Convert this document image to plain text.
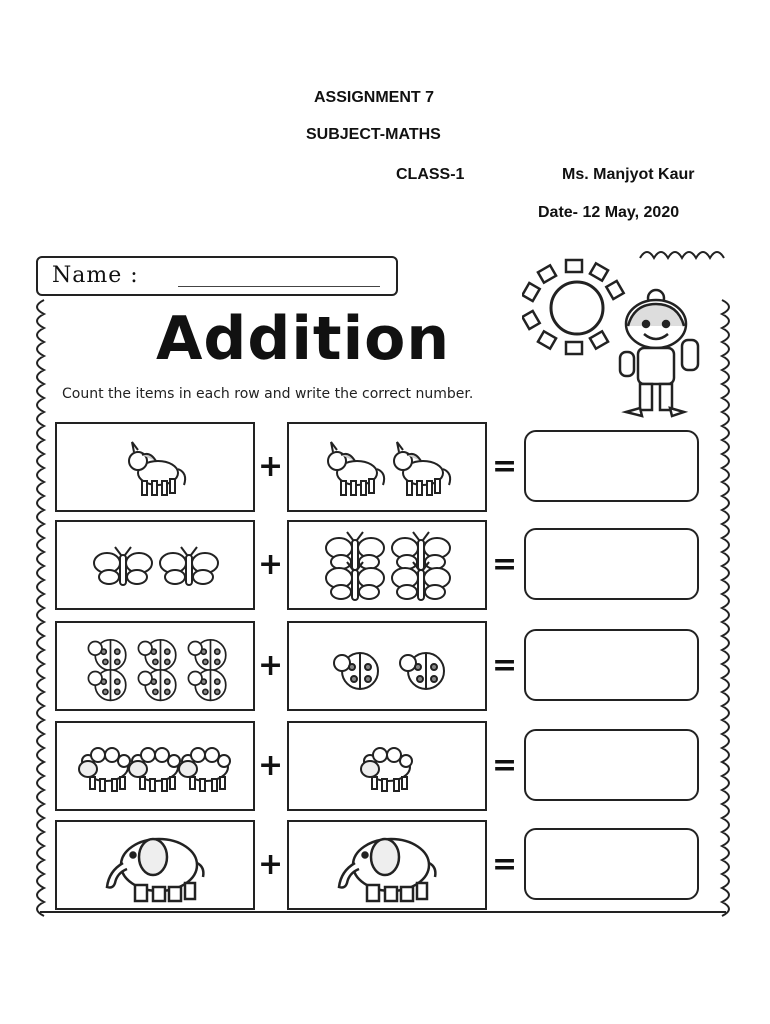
ASSIGNMENT 7
SUBJECT-MATHS
CLASS-1	Ms. Manjyot Kaur
Date- 12 May, 2020
Name :
Addition
Count the items in each row and write the correct number.
+	=
+	=
+	=
+	=
+	=
